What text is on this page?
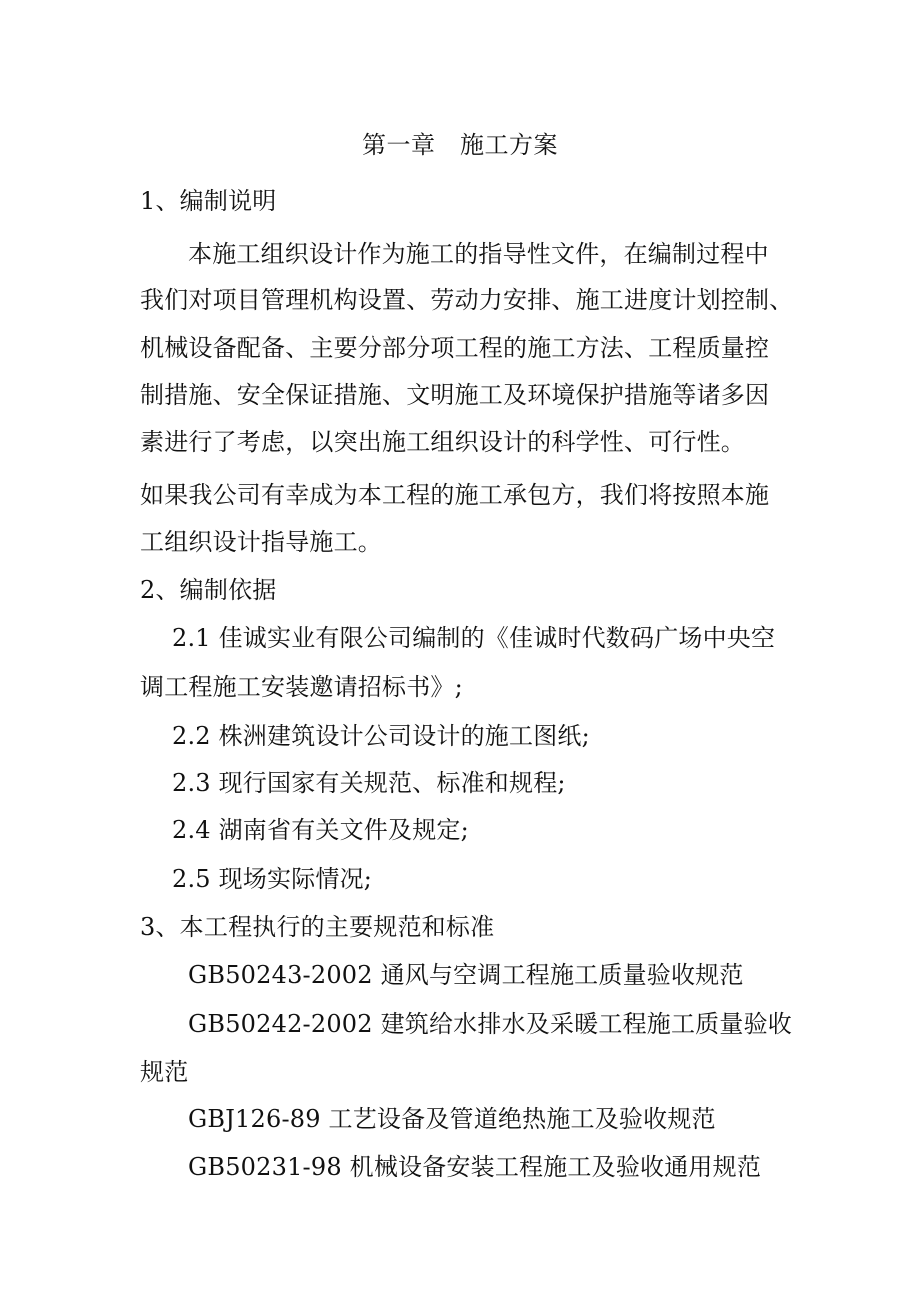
第一章　施工方案
1、编制说明
本施工组织设计作为施工的指导性文件，在编制过程中
我们对项目管理机构设置、劳动力安排、施工进度计划控制、
机械设备配备、主要分部分项工程的施工方法、工程质量控
制措施、安全保证措施、文明施工及环境保护措施等诸多因
素进行了考虑，以突出施工组织设计的科学性、可行性。
如果我公司有幸成为本工程的施工承包方，我们将按照本施
工组织设计指导施工。
2、编制依据
2.1 佳诚实业有限公司编制的《佳诚时代数码广场中央空
调工程施工安装邀请招标书》;
2.2 株洲建筑设计公司设计的施工图纸;
2.3 现行国家有关规范、标准和规程;
2.4 湖南省有关文件及规定;
2.5 现场实际情况;
3、本工程执行的主要规范和标准
GB50243-2002 通风与空调工程施工质量验收规范
GB50242-2002 建筑给水排水及采暖工程施工质量验收
规范
GBJ126-89 工艺设备及管道绝热施工及验收规范
GB50231-98 机械设备安装工程施工及验收通用规范
